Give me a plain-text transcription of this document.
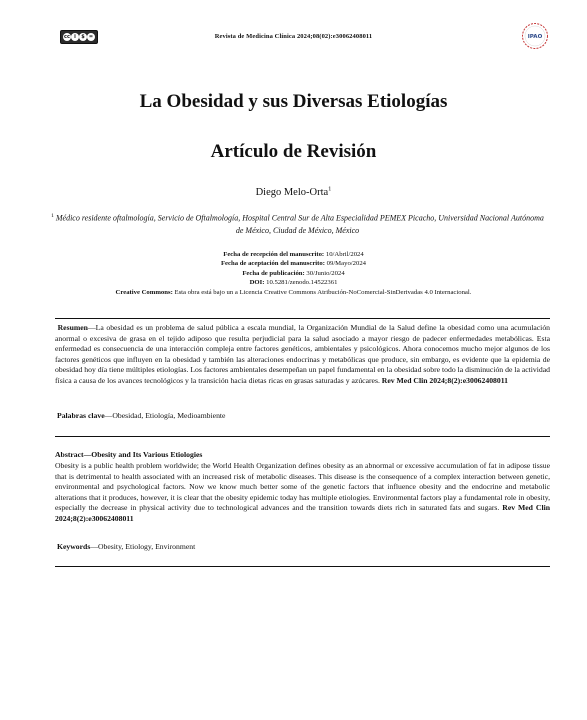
cc i	$ =	Revista de Medicina Clínica 2024;08(02):e30062408011	IPAO
La Obesidad y sus Diversas Etiologías
Artículo de Revisión
Diego Melo-Orta$^1$
$^1$ Médico residente oftalmología, Servicio de Oftalmología, Hospital Central Sur de Alta Especialidad PEMEX Picacho, Universidad Nacional Autónoma de México, Ciudad de México, México
Fecha de recepción del manuscrito: 10/Abril/2024
Fecha de aceptación del manuscrito: 09/Mayo/2024
Fecha de publicación: 30/Junio/2024
DOI: 10.5281/zenodo.14522361
Creative Commons: Esta obra está bajo un a Licencia Creative Commons Atribución-NoComercial-SinDerivadas 4.0 Internacional.
Resumen—La obesidad es un problema de salud pública a escala mundial, la Organización Mundial de la Salud define la obesidad como una acumulación anormal o excesiva de grasa en el tejido adiposo que resulta perjudicial para la salud asociado a mayor riesgo de padecer enfermedades metabólicas. Esta enfermedad es consecuencia de una interacción compleja entre factores genéticos, ambientales y psicológicos. Ahora conocemos mucho mejor algunos de los factores genéticos que influyen en la obesidad y también las alteraciones endocrinas y metabólicas que produce, sin embargo, es evidente que la epidemia de obesidad hoy día tiene múltiples etiologías. Los factores ambientales desempeñan un papel fundamental en la obesidad sobre todo la disminución de la actividad física a causa de los avances tecnológicos y la transición hacia dietas ricas en grasas saturadas y azúcares. Rev Med Clin 2024;8(2):e30062408011
Palabras clave—Obesidad, Etiología, Medioambiente
Abstract—Obesity and Its Various Etiologies
Obesity is a public health problem worldwide; the World Health Organization defines obesity as an abnormal or excessive accumulation of fat in adipose tissue that is detrimental to health associated with an increased risk of metabolic diseases. This disease is the consequence of a complex interaction between genetic, environmental and psychological factors. Now we know much better some of the genetic factors that influence obesity and the endocrine and metabolic alterations that it produces, however, it is clear that the obesity epidemic today has multiple etiologies. Environmental factors play a fundamental role in obesity, especially the decrease in physical activity due to technological advances and the transition towards diets rich in saturated fats and sugars. Rev Med Clin 2024;8(2):e30062408011
Keywords—Obesity, Etiology, Environment
